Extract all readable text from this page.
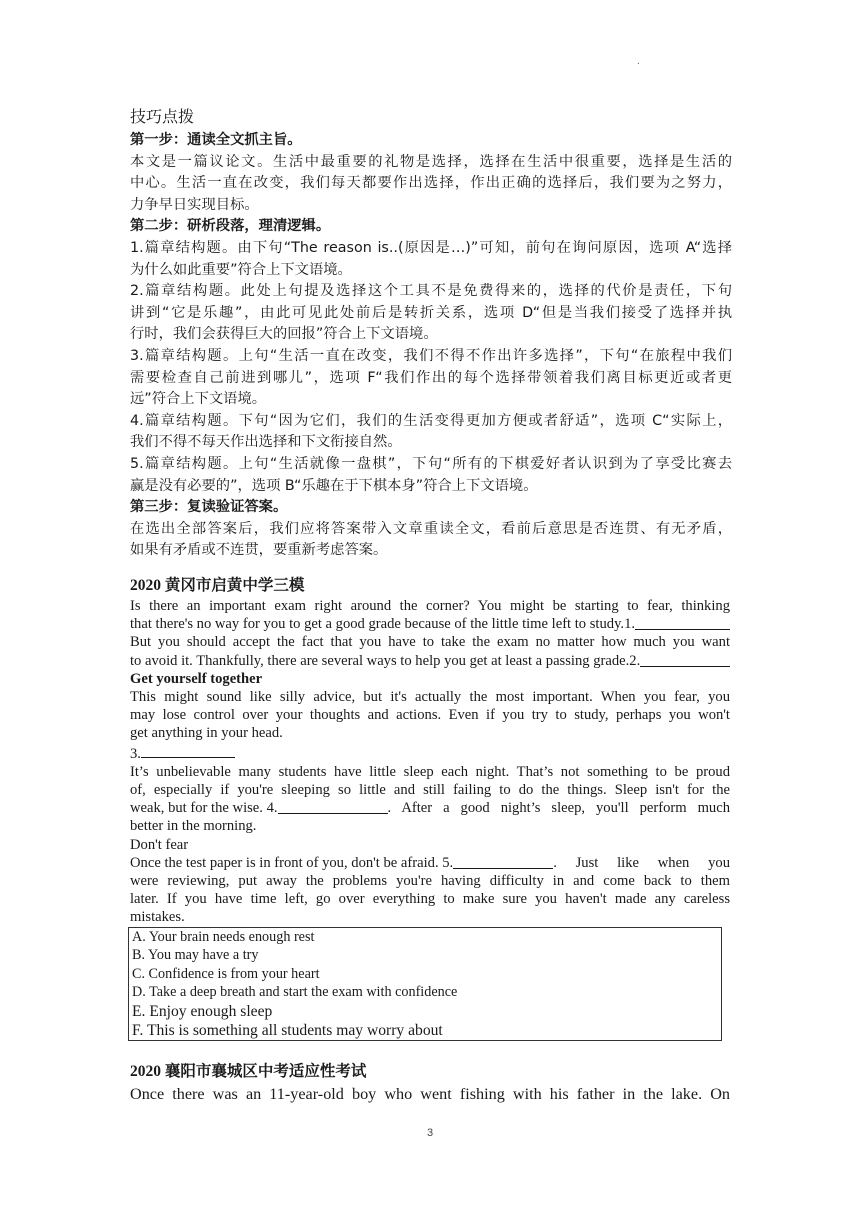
.

技巧点拨

第一步：通读全文抓主旨。

本文是一篇议论文。生活中最重要的礼物是选择，选择在生活中很重要，选择是生活的

中心。生活一直在改变，我们每天都要作出选择，作出正确的选择后，我们要为之努力，

力争早日实现目标。

第二步：研析段落，理清逻辑。

1.篇章结构题。由下句“The reason is..(原因是…)”可知，前句在询问原因，选项 A“选择

为什么如此重要”符合上下文语境。

2.篇章结构题。此处上句提及选择这个工具不是免费得来的，选择的代价是责任，下句

讲到“它是乐趣”，由此可见此处前后是转折关系，选项 D“但是当我们接受了选择并执

行时，我们会获得巨大的回报”符合上下文语境。

3.篇章结构题。上句“生活一直在改变，我们不得不作出许多选择”，下句“在旅程中我们

需要检查自己前进到哪儿”，选项 F“我们作出的每个选择带领着我们离目标更近或者更

远”符合上下文语境。

4.篇章结构题。下句“因为它们，我们的生活变得更加方便或者舒适”，选项 C“实际上，

我们不得不每天作出选择和下文衔接自然。

5.篇章结构题。上句“生活就像一盘棋”，下句“所有的下棋爱好者认识到为了享受比赛去

赢是没有必要的”，选项 B“乐趣在于下棋本身”符合上下文语境。

第三步：复读验证答案。

在选出全部答案后，我们应将答案带入文章重读全文，看前后意思是否连贯、有无矛盾，

如果有矛盾或不连贯，要重新考虑答案。

2020 黄冈市启黄中学三模

Is there an important exam right around the corner? You might be starting to fear, thinking

that there's no way for you to get a good grade because of the little time left to study.1.

But you should accept the fact that you have to take the exam no matter how much you want

to avoid it. Thankfully, there are several ways to help you get at least a passing grade.2.

Get yourself together

This might sound like silly advice, but it's actually the most important. When you fear, you

may lose control over your thoughts and actions. Even if you try to study, perhaps you won't

get anything in your head.

3.

It’s unbelievable many students have little sleep each night. That’s not something to be proud

of, especially if you're sleeping so little and still failing to do the things. Sleep isn't for the

weak, but for the wise. 4.	. After a good night’s sleep, you'll perform much

better in the morning.

Don't fear

Once the test paper is in front of you, don't be afraid. 5.	. Just like when you

were reviewing, put away the problems you're having difficulty in and come back to them

later. If you have time left, go over everything to make sure you haven't made any careless

mistakes.

A. Your brain needs enough rest
B. You may have a try
C. Confidence is from your heart
D. Take a deep breath and start the exam with confidence
E. Enjoy enough sleep
F. This is something all students may worry about

2020 襄阳市襄城区中考适应性考试

Once there was an 11-year-old boy who went fishing with his father in the lake. On

3
